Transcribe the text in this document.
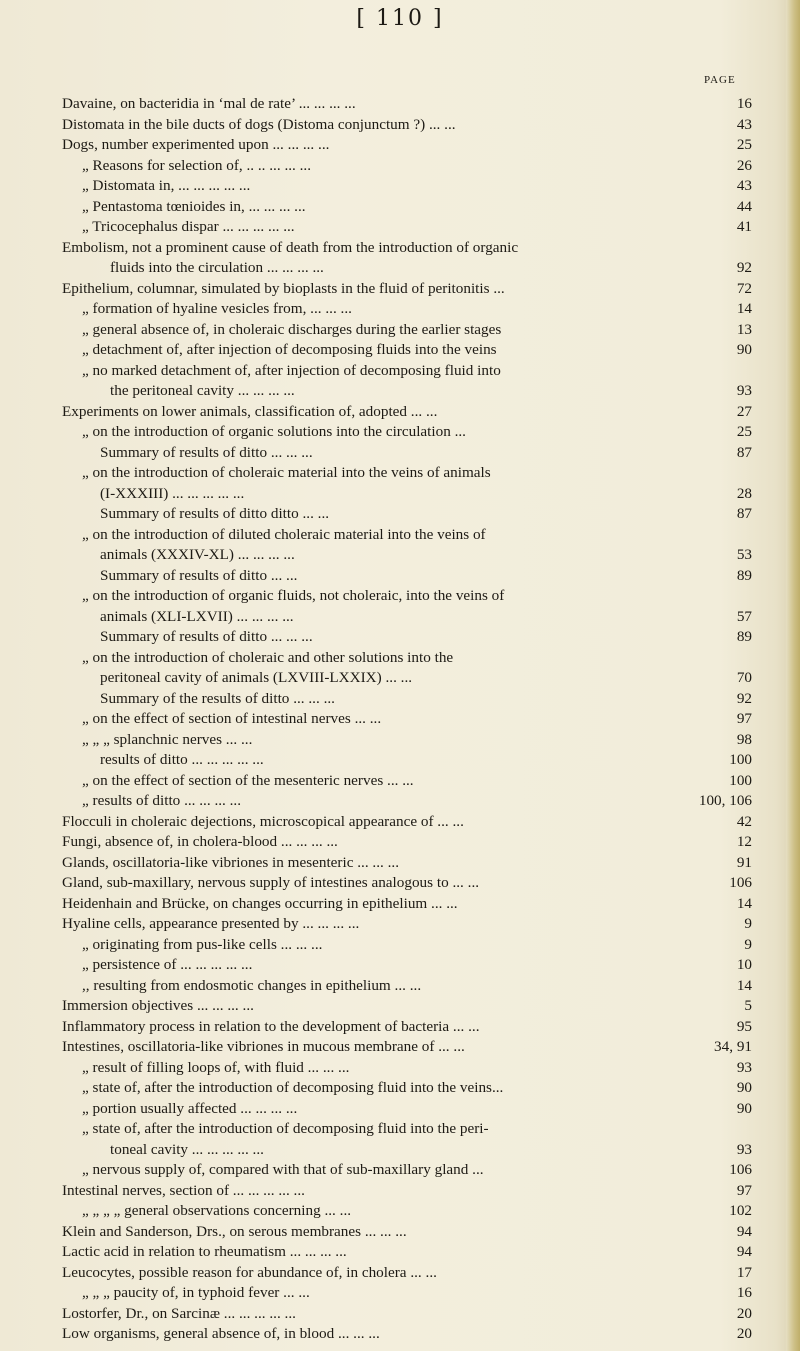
[ 110 ]
PAGE
Davaine, on bacteridia in ‘mal de rate’ ... ... ... ...	16
Distomata in the bile ducts of dogs (Distoma conjunctum ?) ... ...	43
Dogs, number experimented upon ... ... ... ...	25
„ Reasons for selection of, .. .. ... ... ...	26
„ Distomata in, ... ... ... ... ...	43
„ Pentastoma tœnioides in, ... ... ... ...	44
„ Tricocephalus dispar ... ... ... ... ...	41
Embolism, not a prominent cause of death from the introduction of organic
fluids into the circulation ... ... ... ...	92
Epithelium, columnar, simulated by bioplasts in the fluid of peritonitis ...	72
„ formation of hyaline vesicles from, ... ... ...	14
„ general absence of, in choleraic discharges during the earlier stages	13
„ detachment of, after injection of decomposing fluids into the veins	90
„ no marked detachment of, after injection of decomposing fluid into
the peritoneal cavity ... ... ... ...	93
Experiments on lower animals, classification of, adopted ... ...	27
„ on the introduction of organic solutions into the circulation ...	25
Summary of results of ditto ... ... ...	87
„ on the introduction of choleraic material into the veins of animals
(I-XXXIII) ... ... ... ... ...	28
Summary of results of ditto ditto ... ...	87
„ on the introduction of diluted choleraic material into the veins of
animals (XXXIV-XL) ... ... ... ...	53
Summary of results of ditto ... ...	89
„ on the introduction of organic fluids, not choleraic, into the veins of
animals (XLI-LXVII) ... ... ... ...	57
Summary of results of ditto ... ... ...	89
„ on the introduction of choleraic and other solutions into the
peritoneal cavity of animals (LXVIII-LXXIX) ... ...	70
Summary of the results of ditto ... ... ...	92
„ on the effect of section of intestinal nerves ... ...	97
„ „ „ splanchnic nerves ... ...	98
results of ditto ... ... ... ... ...	100
„ on the effect of section of the mesenteric nerves ... ...	100
„ results of ditto ... ... ... ...	100, 106
Flocculi in choleraic dejections, microscopical appearance of ... ...	42
Fungi, absence of, in cholera-blood ... ... ... ...	12
Glands, oscillatoria-like vibriones in mesenteric ... ... ...	91
Gland, sub-maxillary, nervous supply of intestines analogous to ... ...	106
Heidenhain and Brücke, on changes occurring in epithelium ... ...	14
Hyaline cells, appearance presented by ... ... ... ...	9
„ originating from pus-like cells ... ... ...	9
„ persistence of ... ... ... ... ...	10
,, resulting from endosmotic changes in epithelium ... ...	14
Immersion objectives ... ... ... ...	5
Inflammatory process in relation to the development of bacteria ... ...	95
Intestines, oscillatoria-like vibriones in mucous membrane of ... ...	34, 91
„ result of filling loops of, with fluid ... ... ...	93
„ state of, after the introduction of decomposing fluid into the veins...	90
„ portion usually affected ... ... ... ...	90
„ state of, after the introduction of decomposing fluid into the peri-
toneal cavity ... ... ... ... ...	93
„ nervous supply of, compared with that of sub-maxillary gland ...	106
Intestinal nerves, section of ... ... ... ... ...	97
„ „ „ „ general observations concerning ... ...	102
Klein and Sanderson, Drs., on serous membranes ... ... ...	94
Lactic acid in relation to rheumatism ... ... ... ...	94
Leucocytes, possible reason for abundance of, in cholera ... ...	17
„ „ „ paucity of, in typhoid fever ... ...	16
Lostorfer, Dr., on Sarcinæ ... ... ... ... ...	20
Low organisms, general absence of, in blood ... ... ...	20
